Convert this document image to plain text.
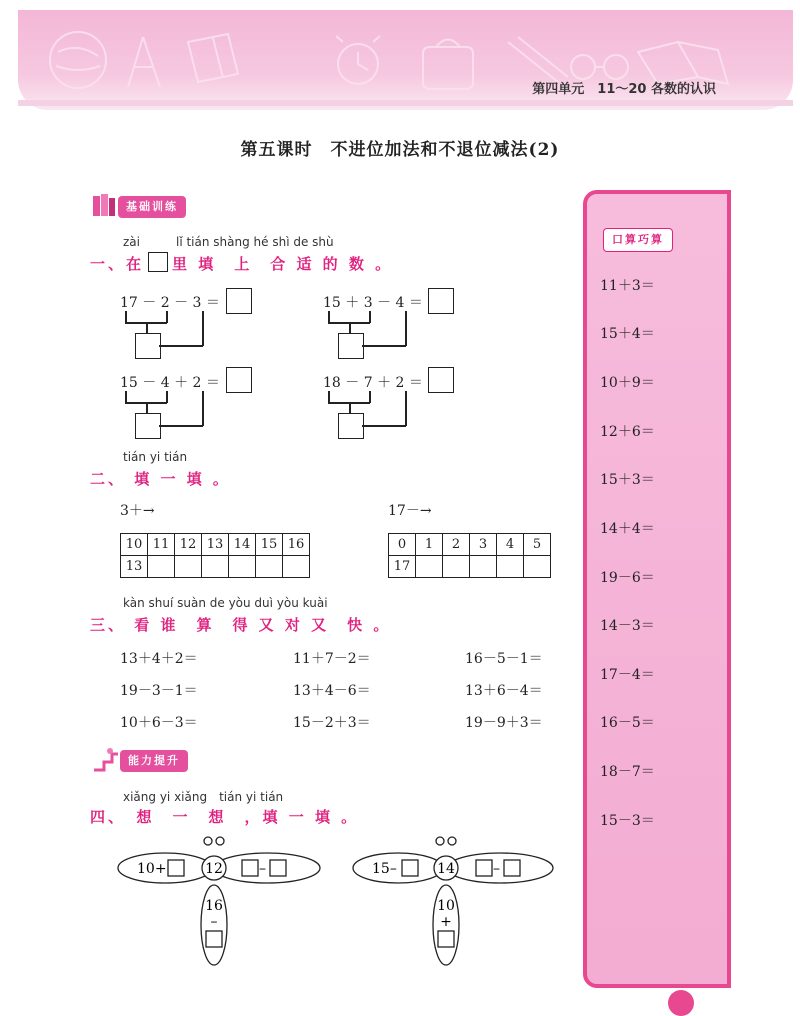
第四单元　11～20 各数的认识
第五课时　不进位加法和不退位减法(2)
基础训练
zài　　　lǐ tián shàng hé shì de shù
一、在 里 填　上　合 适 的 数 。
17 － 2 － 3 ＝	15 ＋ 3 － 4 ＝
15 － 4 ＋ 2 ＝	18 － 7 ＋ 2 ＝
tián yi tián
二、 填 一 填 。
3＋→	17－→
10	11	12	13	14	15	16
13						
0	1	2	3	4	5
17					
kàn shuí suàn de yòu duì yòu kuài
三、 看 谁　算　得 又 对 又　快 。
13＋4＋2＝	11＋7－2＝	16－5－1＝
19－3－1＝	13＋4－6＝	13＋6－4＝
10＋6－3＝	15－2＋3＝	19－9＋3＝
能力提升
xiǎng yi xiǎng　tián yi tián
四、　想　一　想　，填 一 填 。
10+	12	–
16
–
15–	14	–
10
+
口算巧算
11＋3＝
15＋4＝
10＋9＝
12＋6＝
15＋3＝
14＋4＝
19－6＝
14－3＝
17－4＝
16－5＝
18－7＝
15－3＝
